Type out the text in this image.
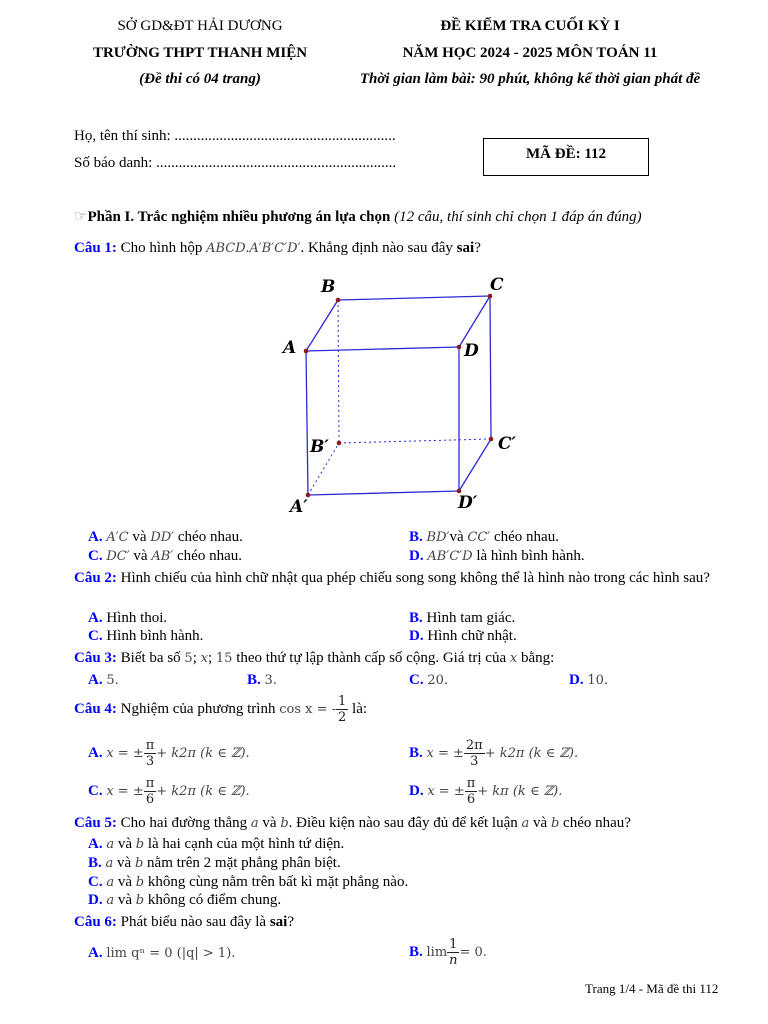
SỞ GD&ĐT HẢI DƯƠNG
TRƯỜNG THPT THANH MIỆN
(Đề thi có 04 trang)
ĐỀ KIỂM TRA CUỐI KỲ I
NĂM HỌC 2024 - 2025 MÔN TOÁN 11
Thời gian làm bài: 90 phút, không kể thời gian phát đề
Họ, tên thí sinh: ...........................................................
Số báo danh: ................................................................
MÃ ĐỀ: 112
☞Phần I. Trắc nghiệm nhiều phương án lựa chọn (12 câu, thí sinh chỉ chọn 1 đáp án đúng)
Câu 1: Cho hình hộp ABCD.A′B′C′D′. Khẳng định nào sau đây sai?
B	C
A	D
B′	C′
A′	D′
A. A′C và DD′ chéo nhau.	B. BD′và CC′ chéo nhau.
C. DC′ và AB′ chéo nhau.	D. AB′C′D là hình bình hành.
Câu 2: Hình chiếu của hình chữ nhật qua phép chiếu song song không thể là hình nào trong các hình sau?
A. Hình thoi.	B. Hình tam giác.
C. Hình bình hành.	D. Hình chữ nhật.
Câu 3: Biết ba số 5; x; 15 theo thứ tự lập thành cấp số cộng. Giá trị của x bằng:
A. 5.	B. 3.	C. 20.	D. 10.
Câu 4: Nghiệm của phương trình cos x = - $\frac{1}{2}$ là:
A. x = ± $\frac{\pi}{3} + k2\pi$ (k ∈ ℤ).	B. x = ± $\frac{2\pi}{3} + k2\pi$ (k ∈ ℤ).
C. x = ± $\frac{\pi}{6} + k2\pi$ (k ∈ ℤ).	D. x = ± $\frac{\pi}{6} + k\pi$ (k ∈ ℤ).
Câu 5: Cho hai đường thẳng a và b. Điều kiện nào sau đây đủ để kết luận a và b chéo nhau?
A. a và b là hai cạnh của một hình tứ diện.
B. a và b nằm trên 2 mặt phẳng phân biệt.
C. a và b không cùng nằm trên bất kì mặt phẳng nào.
D. a và b không có điểm chung.
Câu 6: Phát biểu nào sau đây là sai?
A. lim qⁿ = 0 (|q| > 1).	B. $\lim \frac{1}{n} = 0$.
Trang 1/4 - Mã đề thi 112
